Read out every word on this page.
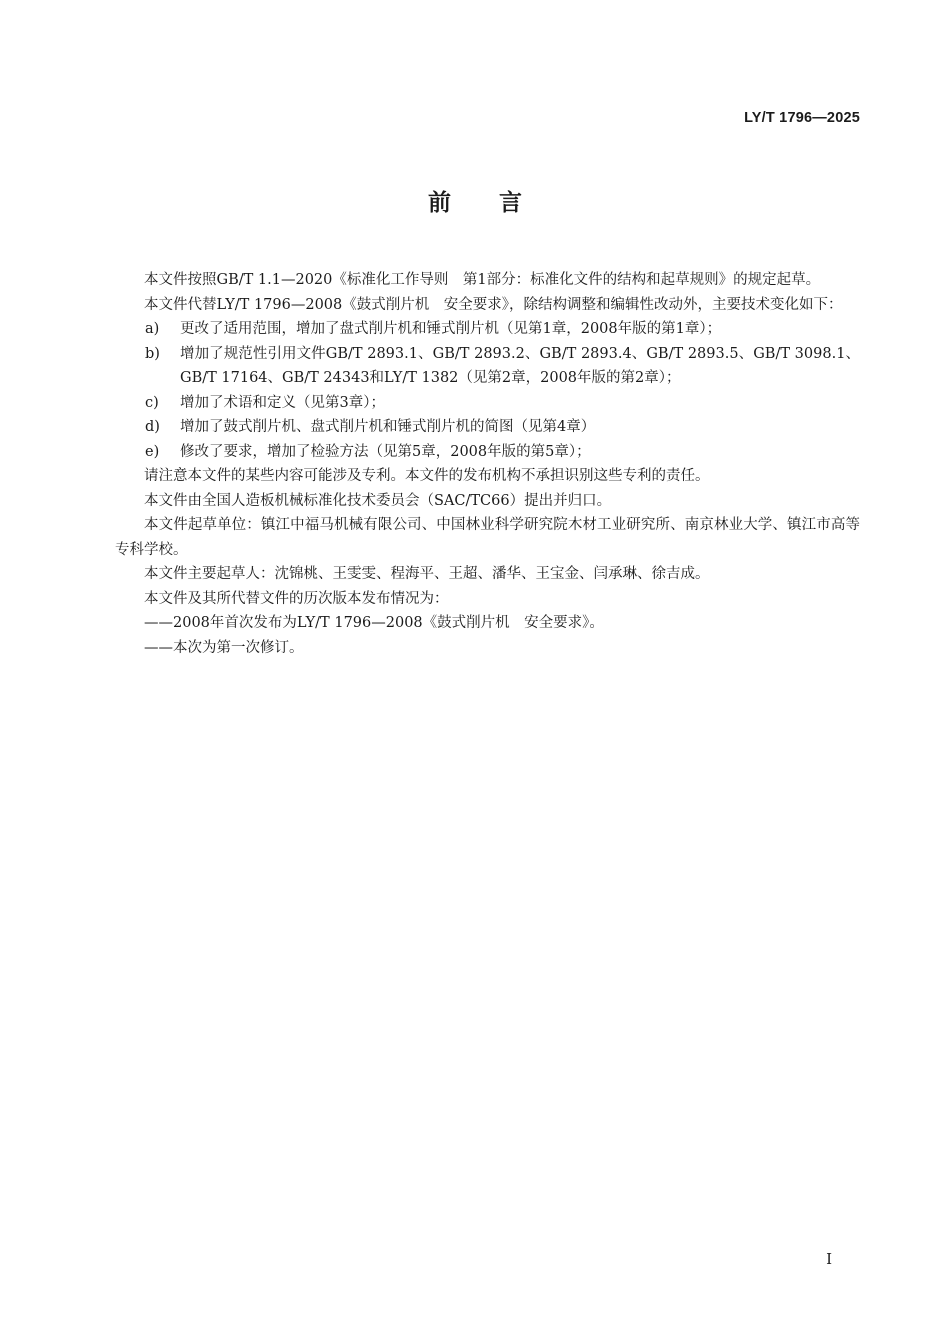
LY/T 1796—2025
前言

本文件按照GB/T 1.1—2020《标准化工作导则　第1部分：标准化文件的结构和起草规则》的规定起草。

本文件代替LY/T 1796—2008《鼓式削片机　安全要求》，除结构调整和编辑性改动外，主要技术变化如下：

a) 更改了适用范围，增加了盘式削片机和锤式削片机（见第1章，2008年版的第1章）；

b) 增加了规范性引用文件GB/T 2893.1、GB/T 2893.2、GB/T 2893.4、GB/T 2893.5、GB/T 3098.1、GB/T 17164、GB/T 24343和LY/T 1382（见第2章，2008年版的第2章）；

c) 增加了术语和定义（见第3章）；

d) 增加了鼓式削片机、盘式削片机和锤式削片机的简图（见第4章）

e) 修改了要求，增加了检验方法（见第5章，2008年版的第5章）；

请注意本文件的某些内容可能涉及专利。本文件的发布机构不承担识别这些专利的责任。

本文件由全国人造板机械标准化技术委员会（SAC/TC66）提出并归口。

本文件起草单位：镇江中福马机械有限公司、中国林业科学研究院木材工业研究所、南京林业大学、镇江市高等专科学校。

本文件主要起草人：沈锦桃、王雯雯、程海平、王超、潘华、王宝金、闫承琳、徐吉成。

本文件及其所代替文件的历次版本发布情况为：

——2008年首次发布为LY/T 1796—2008《鼓式削片机　安全要求》。

——本次为第一次修订。

I
